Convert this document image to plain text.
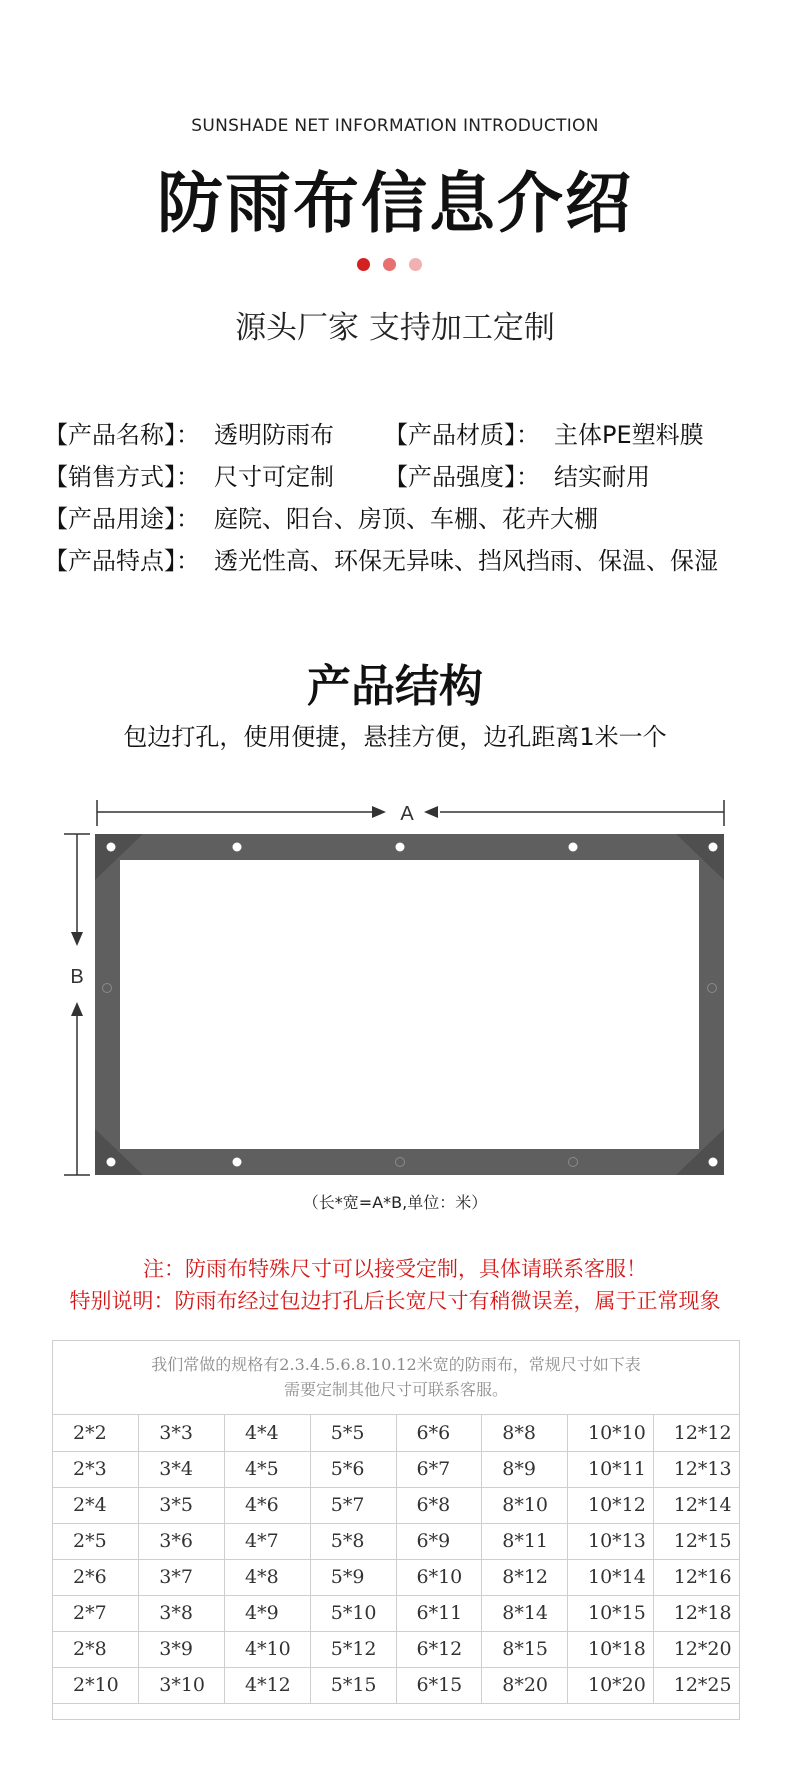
SUNSHADE NET INFORMATION INTRODUCTION
防雨布信息介绍
源头厂家 支持加工定制
【产品名称】： 透明防雨布 【产品材质】： 主体PE塑料膜
【销售方式】： 尺寸可定制 【产品强度】： 结实耐用
【产品用途】： 庭院、阳台、房顶、车棚、花卉大棚
【产品特点】： 透光性高、环保无异味、挡风挡雨、保温、保湿
产品结构
包边打孔，使用便捷，悬挂方便，边孔距离1米一个
A
B
（长*宽=A*B,单位：米）
注：防雨布特殊尺寸可以接受定制，具体请联系客服！
特别说明：防雨布经过包边打孔后长宽尺寸有稍微误差，属于正常现象
我们常做的规格有2.3.4.5.6.8.10.12米宽的防雨布，常规尺寸如下表
需要定制其他尺寸可联系客服。
2*2	3*3	4*4	5*5	6*6	8*8	10*10	12*12
2*3	3*4	4*5	5*6	6*7	8*9	10*11	12*13
2*4	3*5	4*6	5*7	6*8	8*10	10*12	12*14
2*5	3*6	4*7	5*8	6*9	8*11	10*13	12*15
2*6	3*7	4*8	5*9	6*10	8*12	10*14	12*16
2*7	3*8	4*9	5*10	6*11	8*14	10*15	12*18
2*8	3*9	4*10	5*12	6*12	8*15	10*18	12*20
2*10	3*10	4*12	5*15	6*15	8*20	10*20	12*25
